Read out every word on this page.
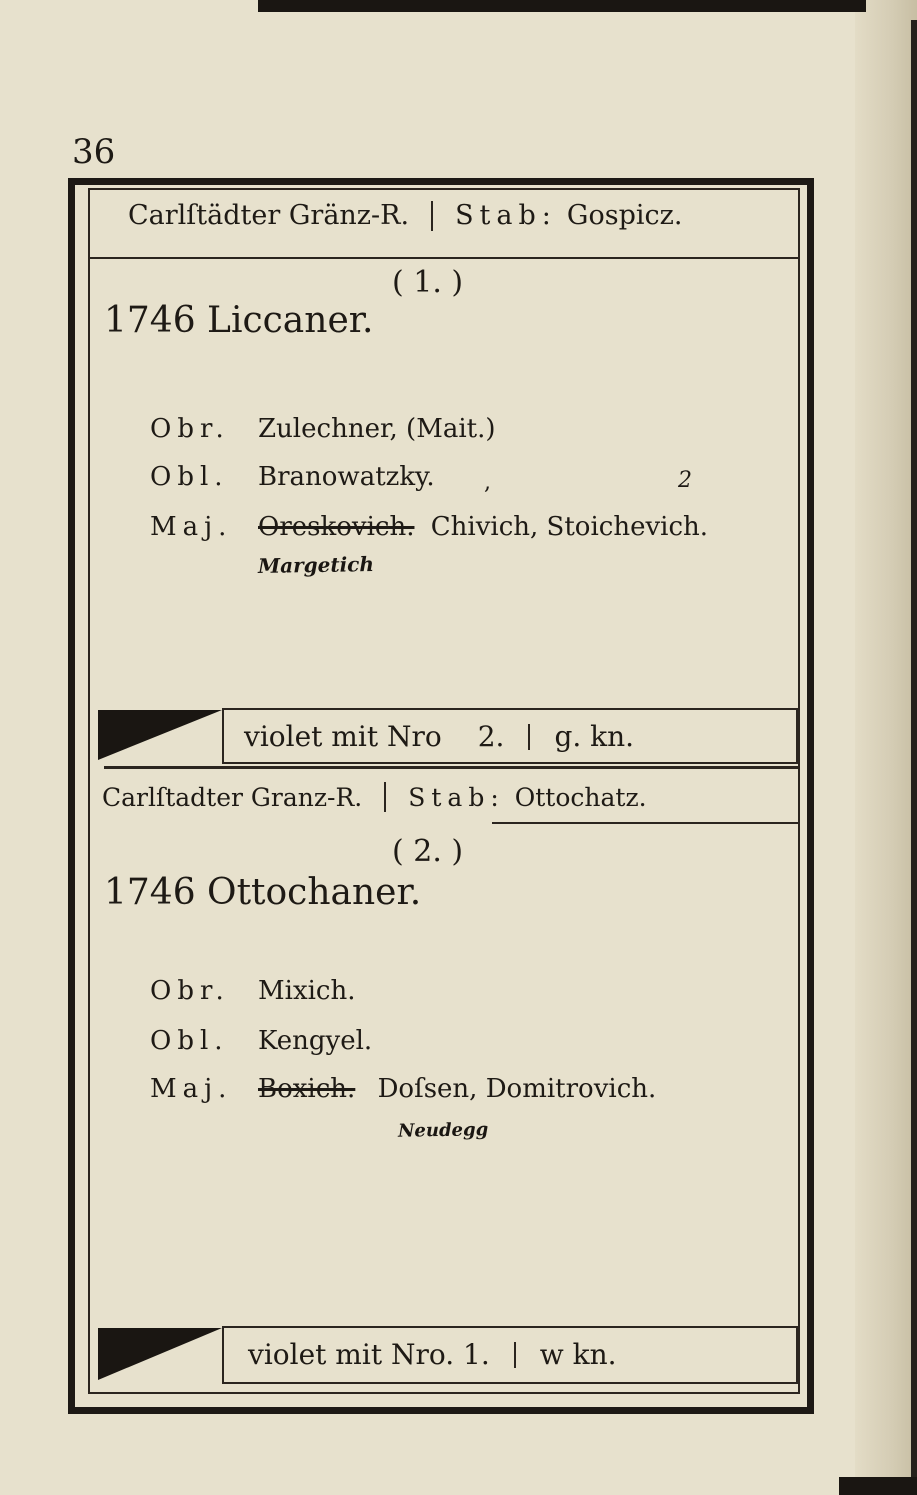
36
Carlſtädter Gränz-R. Stab: Gospicz.
( 1. )
1746 Liccaner.
Obr. Zulechner, (Mait.)
Obl. Branowatzky. ,	2
Maj. Oreskovich. Chivich, Stoichevich.
Margetich
violet mit Nro 2. g. kn.
Carlſtadter Granz-R. Stab: Ottochatz.
( 2. )
1746 Ottochaner.
Obr. Mixich.
Obl. Kengyel.
Maj. Boxich. Doſsen, Domitrovich.
Neudegg
violet mit Nro. 1. w kn.
